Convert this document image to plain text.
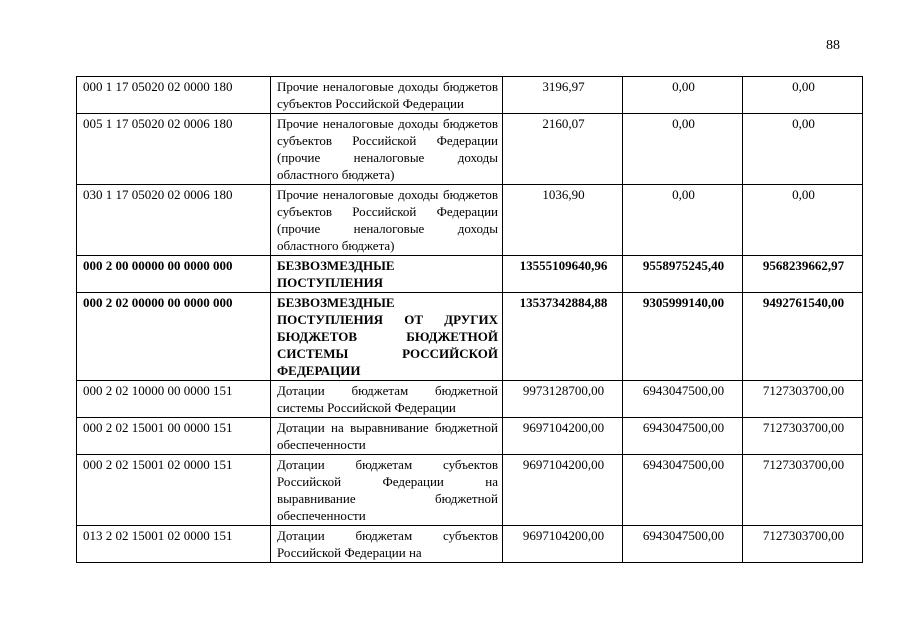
88
000 1 17 05020 02 0000 180	Прочие неналоговые доходы бюджетов субъектов Российской Федерации	3196,97	0,00	0,00
005 1 17 05020 02 0006 180	Прочие неналоговые доходы бюджетов субъектов Российской Федерации (прочие неналоговые доходы областного бюджета)	2160,07	0,00	0,00
030 1 17 05020 02 0006 180	Прочие неналоговые доходы бюджетов субъектов Российской Федерации (прочие неналоговые доходы областного бюджета)	1036,90	0,00	0,00
000 2 00 00000 00 0000 000	БЕЗВОЗМЕЗДНЫЕ ПОСТУПЛЕНИЯ	13555109640,96	9558975245,40	9568239662,97
000 2 02 00000 00 0000 000	БЕЗВОЗМЕЗДНЫЕ ПОСТУПЛЕНИЯ ОТ ДРУГИХ БЮДЖЕТОВ БЮДЖЕТНОЙ СИСТЕМЫ РОССИЙСКОЙ ФЕДЕРАЦИИ	13537342884,88	9305999140,00	9492761540,00
000 2 02 10000 00 0000 151	Дотации бюджетам бюджетной системы Российской Федерации	9973128700,00	6943047500,00	7127303700,00
000 2 02 15001 00 0000 151	Дотации на выравнивание бюджетной обеспеченности	9697104200,00	6943047500,00	7127303700,00
000 2 02 15001 02 0000 151	Дотации бюджетам субъектов Российской Федерации на выравнивание бюджетной обеспеченности	9697104200,00	6943047500,00	7127303700,00
013 2 02 15001 02 0000 151	Дотации бюджетам субъектов Российской Федерации на	9697104200,00	6943047500,00	7127303700,00
